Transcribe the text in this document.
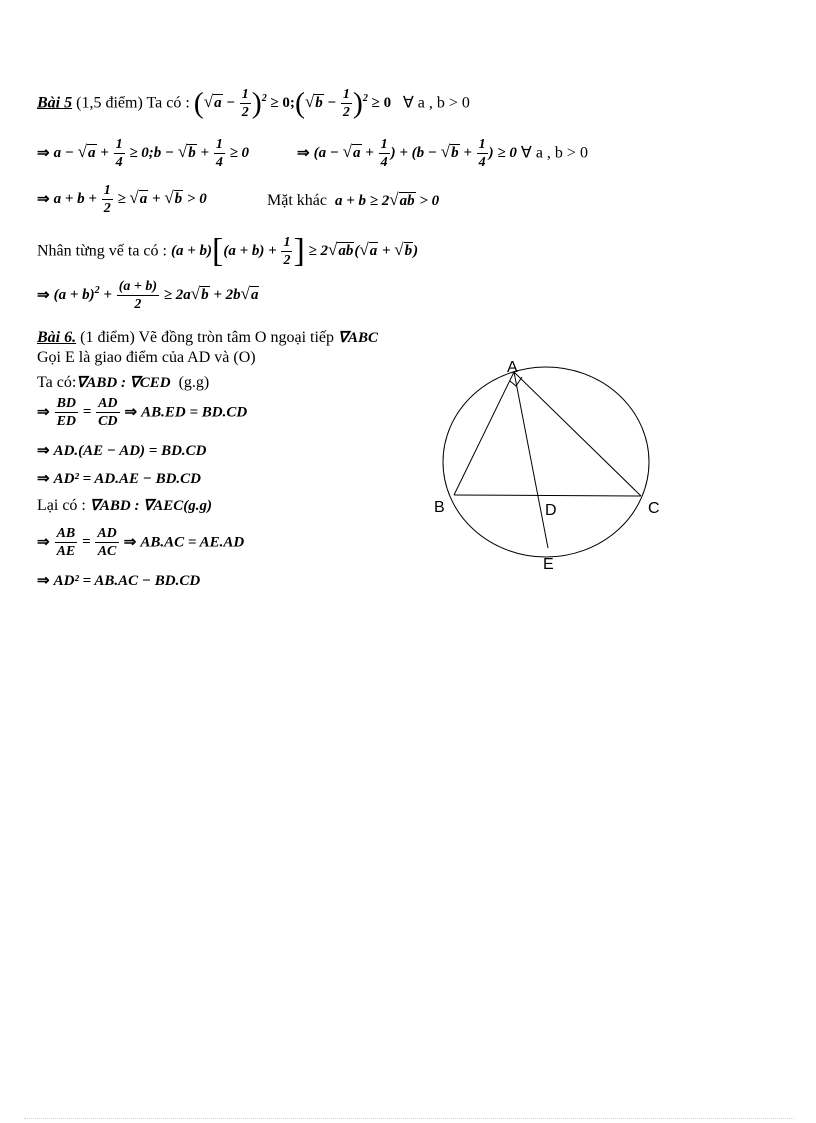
Bài 5 (1,5 điểm) Ta có : $(√a - \frac{1}{2} )^2$ ≥ 0;(√b − $\frac{1}{2} )^2 \ge 0$ ∀ a , b > 0
⇒ $a - √a + \frac{1}{4}$ ≥ 0;b − $√b + \frac{1}{4} \ge 0$	⇒ ($a - √a + \frac{1}{4}$ ) + ($b - √b + \frac{1}{4}$ ) ≥ 0 ∀ a , b > 0
⇒ $a + b + \frac{1}{2} \ge √a + √b > 0$	Mặt khác a + b ≥ 2√ab > 0
Nhân từng vế ta có : $(a + b)[(a + b) + \frac{1}{2}$ ] ≥ 2√ab(√a + √b)
⇒ $(a + b)^2 + \frac{(a + b)}{2} \ge 2a√b + 2b√a$
Bài 6. (1 điểm) Vẽ đồng tròn tâm O ngoại tiếp ∇ABC
Gọi E là giao điểm của AD và (O)
Ta có:∇ABD : ∇CED (g.g)
⇒ $\frac{BD}{ED} = \frac{AD}{CD}$ ⇒ AB.ED = BD.CD
⇒ AD.(AE − AD) = BD.CD
⇒ AD² = AD.AE − BD.CD
Lại có : ∇ABD : ∇AEC(g.g)
⇒ $\frac{AB}{AE} = \frac{AD}{AC}$ ⇒ AB.AC = AE.AD
⇒ AD² = AB.AC − BD.CD
A
B	C
D
E
